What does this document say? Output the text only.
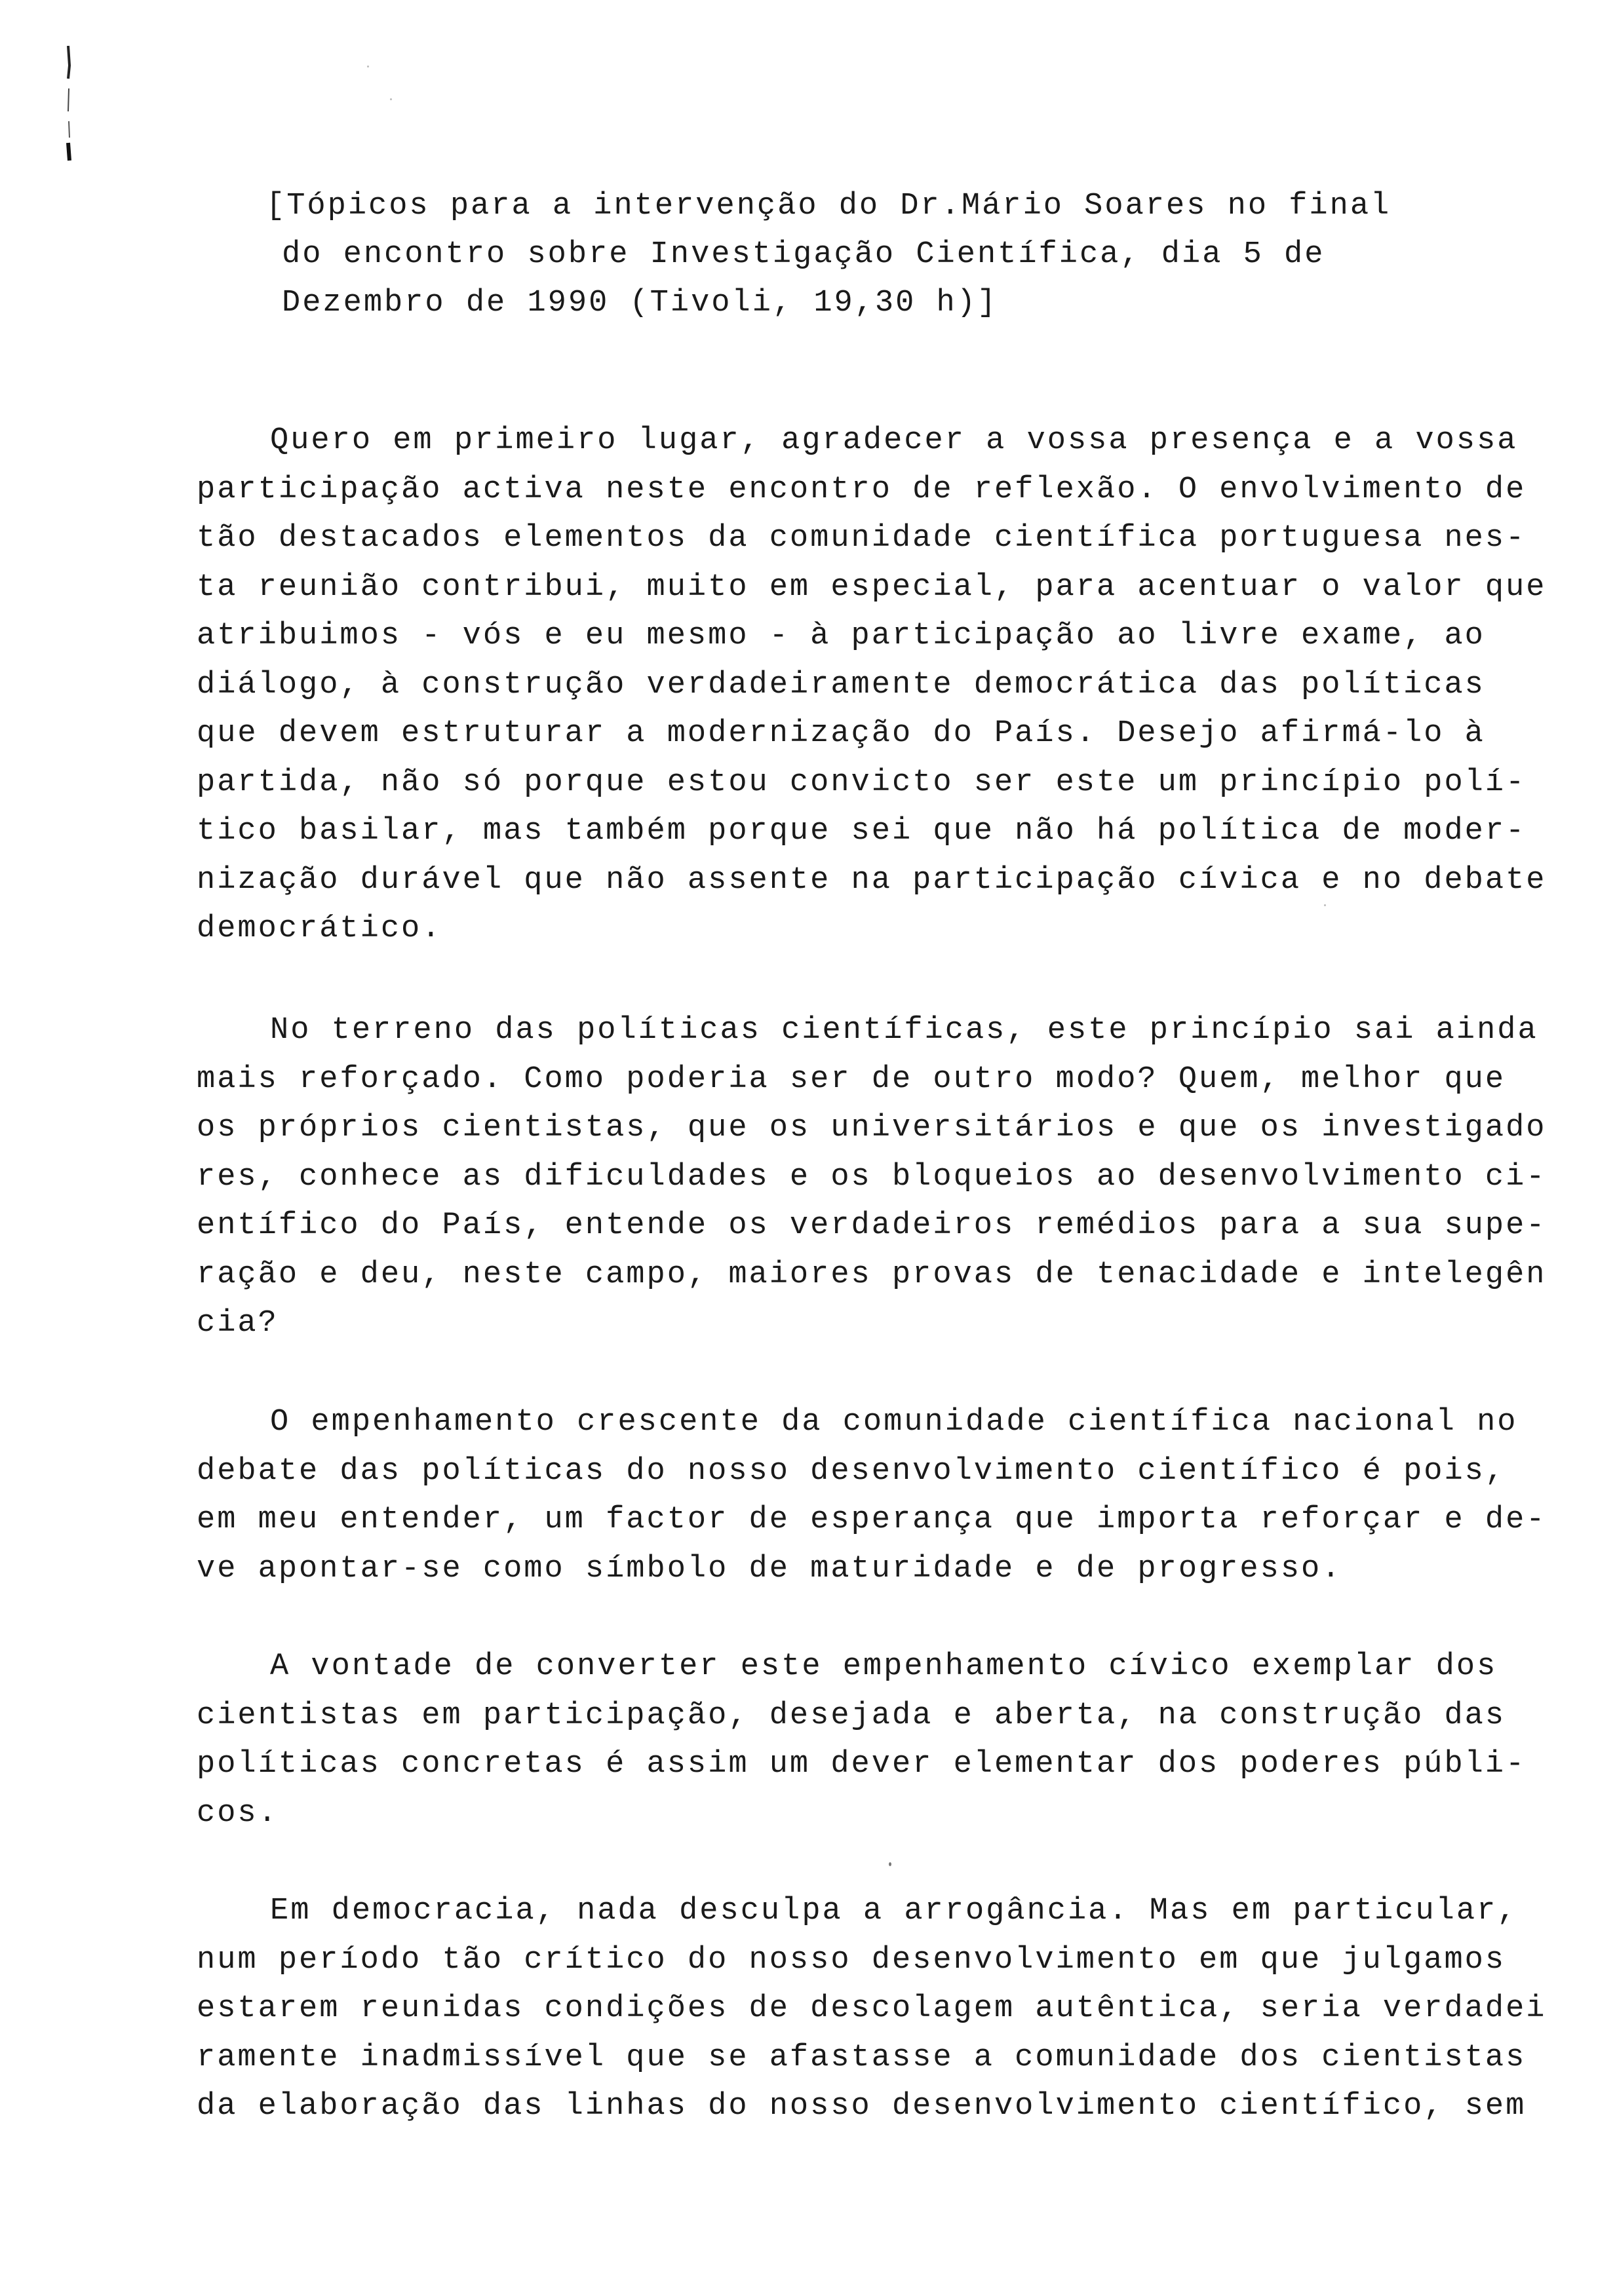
[Tópicos para a intervenção do Dr.Mário Soares no final
do encontro sobre Investigação Científica, dia 5 de
Dezembro de 1990 (Tivoli, 19,30 h)]
Quero em primeiro lugar, agradecer a vossa presença e a vossa
participação activa neste encontro de reflexão. O envolvimento de
tão destacados elementos da comunidade científica portuguesa nes-
ta reunião contribui, muito em especial, para acentuar o valor que
atribuimos - vós e eu mesmo - à participação ao livre exame, ao
diálogo, à construção verdadeiramente democrática das políticas
que devem estruturar a modernização do País. Desejo afirmá-lo à
partida, não só porque estou convicto ser este um princípio polí-
tico basilar, mas também porque sei que não há política de moder-
nização durável que não assente na participação cívica e no debate
democrático.
No terreno das políticas científicas, este princípio sai ainda
mais reforçado. Como poderia ser de outro modo? Quem, melhor que
os próprios cientistas, que os universitários e que os investigado
res, conhece as dificuldades e os bloqueios ao desenvolvimento ci-
entífico do País, entende os verdadeiros remédios para a sua supe-
ração e deu, neste campo, maiores provas de tenacidade e intelegên
cia?
O empenhamento crescente da comunidade científica nacional no
debate das políticas do nosso desenvolvimento científico é pois,
em meu entender, um factor de esperança que importa reforçar e de-
ve apontar-se como símbolo de maturidade e de progresso.
A vontade de converter este empenhamento cívico exemplar dos
cientistas em participação, desejada e aberta, na construção das
políticas concretas é assim um dever elementar dos poderes públi-
cos.
Em democracia, nada desculpa a arrogância. Mas em particular,
num período tão crítico do nosso desenvolvimento em que julgamos
estarem reunidas condições de descolagem autêntica, seria verdadei
ramente inadmissível que se afastasse a comunidade dos cientistas
da elaboração das linhas do nosso desenvolvimento científico, sem
